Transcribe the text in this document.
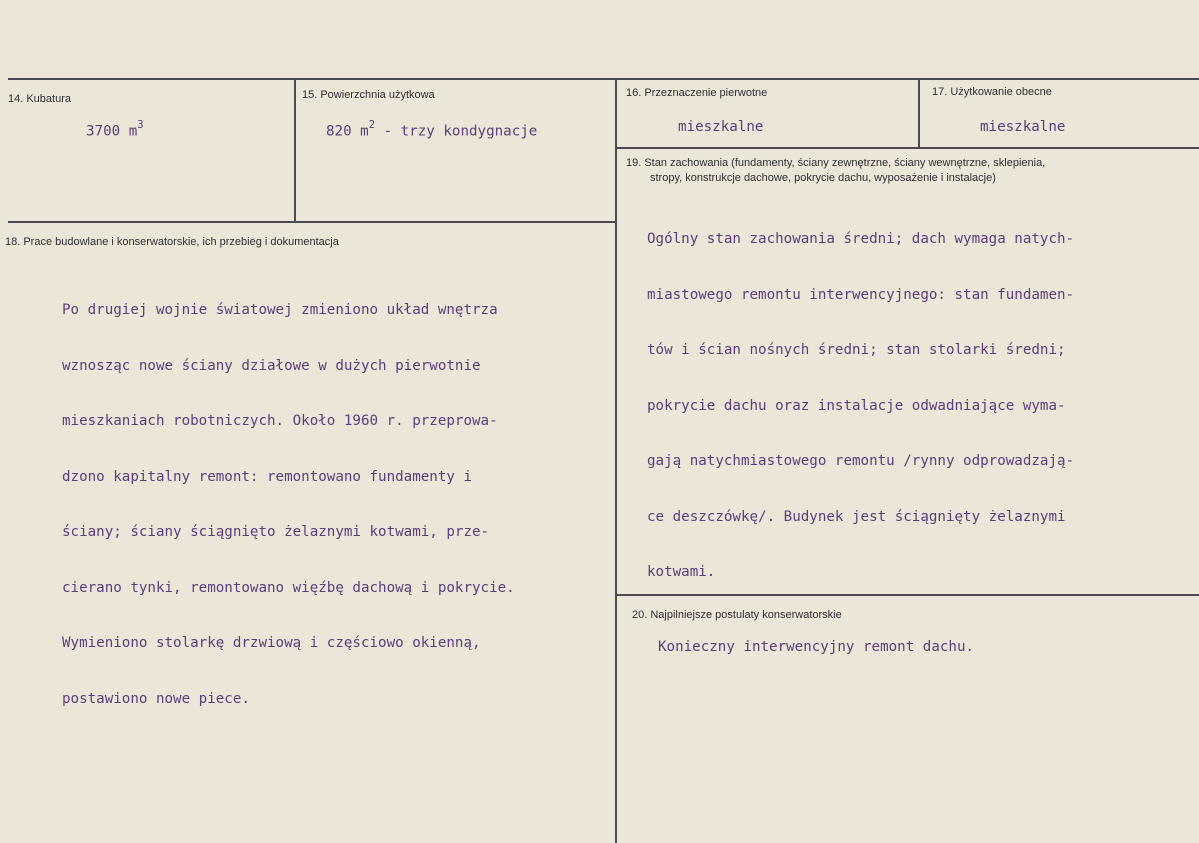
14. Kubatura
3700 $m^3$
15. Powierzchnia użytkowa
820 $m^2$ - trzy kondygnacje
16. Przeznaczenie pierwotne
mieszkalne
17. Użytkowanie obecne
mieszkalne
18. Prace budowlane i konserwatorskie, ich przebieg i dokumentacja

Po drugiej wojnie światowej zmieniono układ wnętrza

wznosząc nowe ściany działowe w dużych pierwotnie

mieszkaniach robotniczych. Około 1960 r. przeprowa-

dzono kapitalny remont: remontowano fundamenty i

ściany; ściany ściągnięto żelaznymi kotwami, prze-

cierano tynki, remontowano więźbę dachową i pokrycie.

Wymieniono stolarkę drzwiową i częściowo okienną,

postawiono nowe piece.

19. Stan zachowania (fundamenty, ściany zewnętrzne, ściany wewnętrzne, sklepienia,
stropy, konstrukcje dachowe, pokrycie dachu, wyposażenie i instalacje)

Ogólny stan zachowania średni; dach wymaga natych-

miastowego remontu interwencyjnego: stan fundamen-

tów i ścian nośnych średni; stan stolarki średni;

pokrycie dachu oraz instalacje odwadniające wyma-

gają natychmiastowego remontu /rynny odprowadzają-

ce deszczówkę/. Budynek jest ściągnięty żelaznymi

kotwami.

20. Najpilniejsze postulaty konserwatorskie
Konieczny interwencyjny remont dachu.
